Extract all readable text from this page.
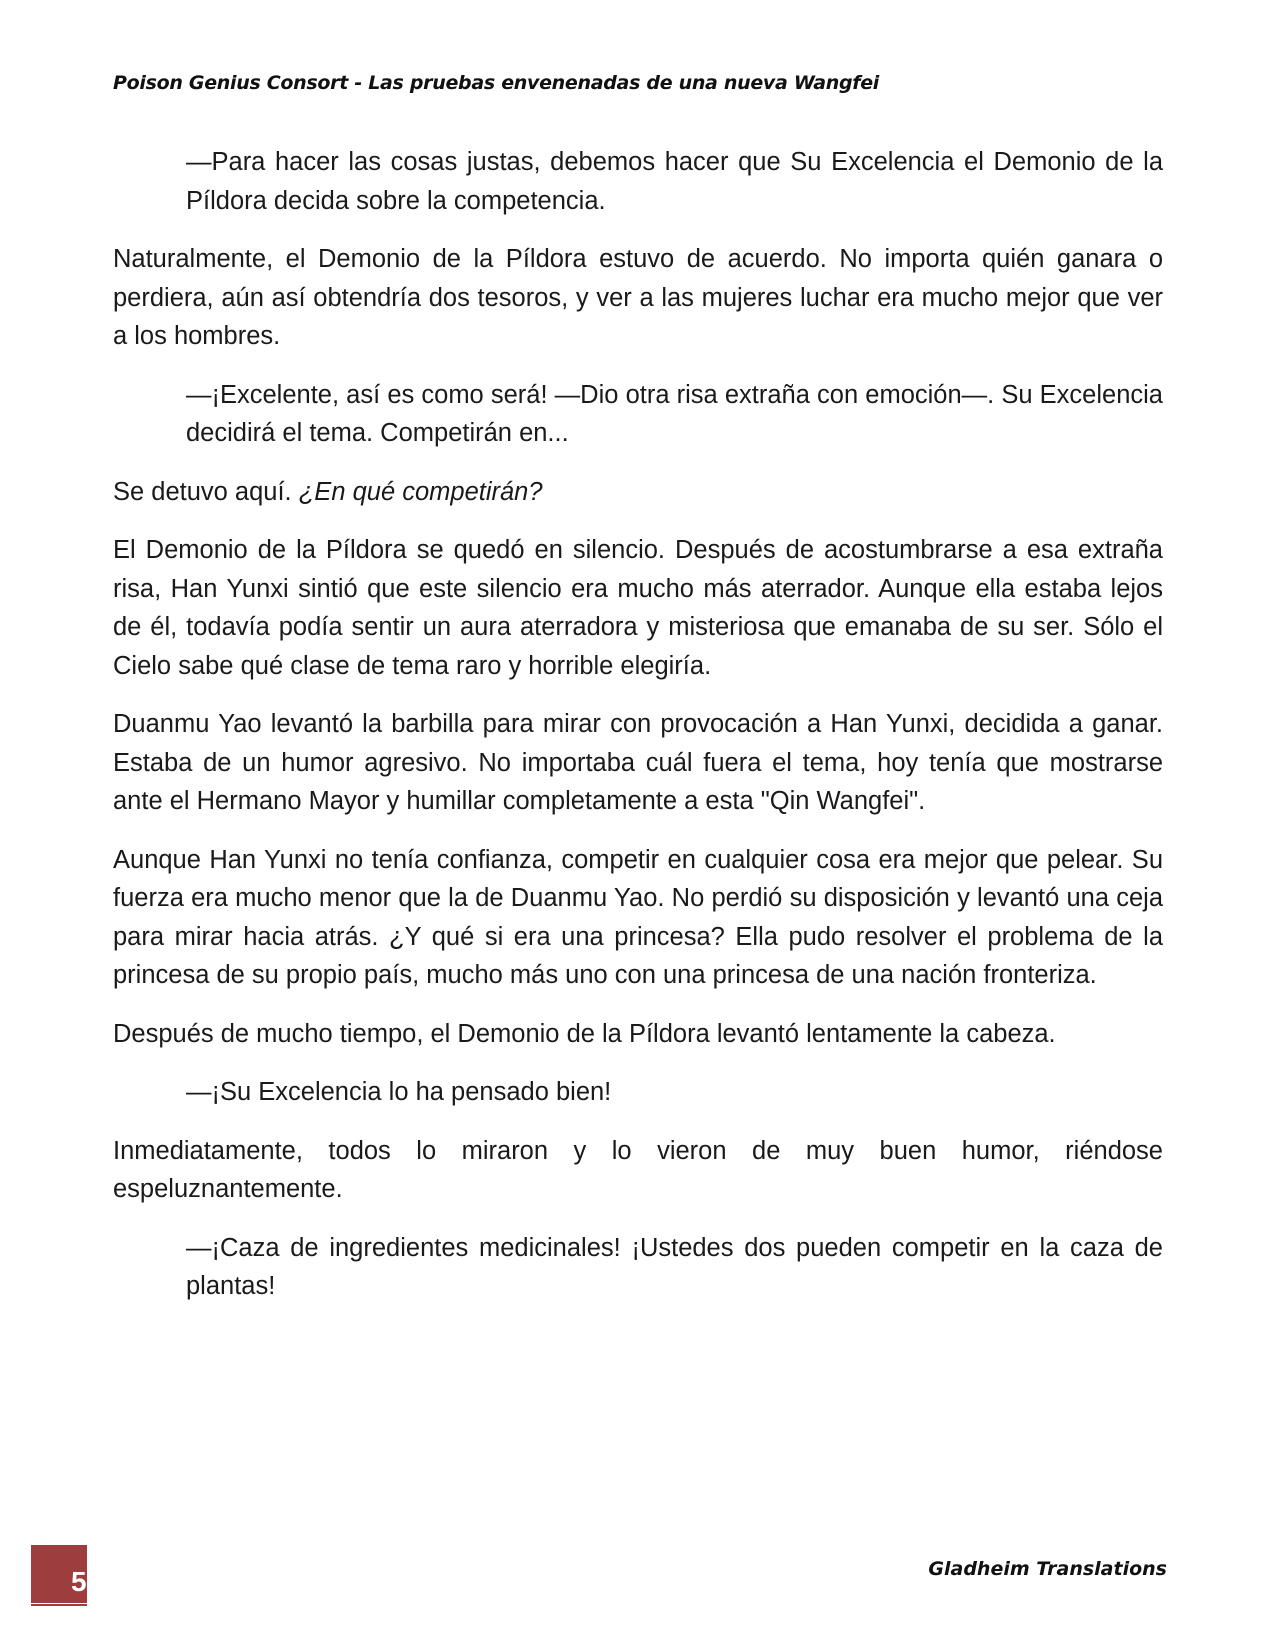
Poison Genius Consort - Las pruebas envenenadas de una nueva Wangfei

—Para hacer las cosas justas, debemos hacer que Su Excelencia el Demonio de la Píldora decida sobre la competencia.

Naturalmente, el Demonio de la Píldora estuvo de acuerdo. No importa quién ganara o perdiera, aún así obtendría dos tesoros, y ver a las mujeres luchar era mucho mejor que ver a los hombres.

—¡Excelente, así es como será! —Dio otra risa extraña con emoción—. Su Excelencia decidirá el tema. Competirán en...

Se detuvo aquí. ¿En qué competirán?

El Demonio de la Píldora se quedó en silencio. Después de acostumbrarse a esa extraña risa, Han Yunxi sintió que este silencio era mucho más aterrador. Aunque ella estaba lejos de él, todavía podía sentir un aura aterradora y misteriosa que emanaba de su ser. Sólo el Cielo sabe qué clase de tema raro y horrible elegiría.

Duanmu Yao levantó la barbilla para mirar con provocación a Han Yunxi, decidida a ganar. Estaba de un humor agresivo. No importaba cuál fuera el tema, hoy tenía que mostrarse ante el Hermano Mayor y humillar completamente a esta "Qin Wangfei".

Aunque Han Yunxi no tenía confianza, competir en cualquier cosa era mejor que pelear. Su fuerza era mucho menor que la de Duanmu Yao. No perdió su disposición y levantó una ceja para mirar hacia atrás. ¿Y qué si era una princesa? Ella pudo resolver el problema de la princesa de su propio país, mucho más uno con una princesa de una nación fronteriza.

Después de mucho tiempo, el Demonio de la Píldora levantó lentamente la cabeza.

—¡Su Excelencia lo ha pensado bien!

Inmediatamente, todos lo miraron y lo vieron de muy buen humor, riéndose espeluznantemente.

—¡Caza de ingredientes medicinales! ¡Ustedes dos pueden competir en la caza de plantas!

5	Gladheim Translations
